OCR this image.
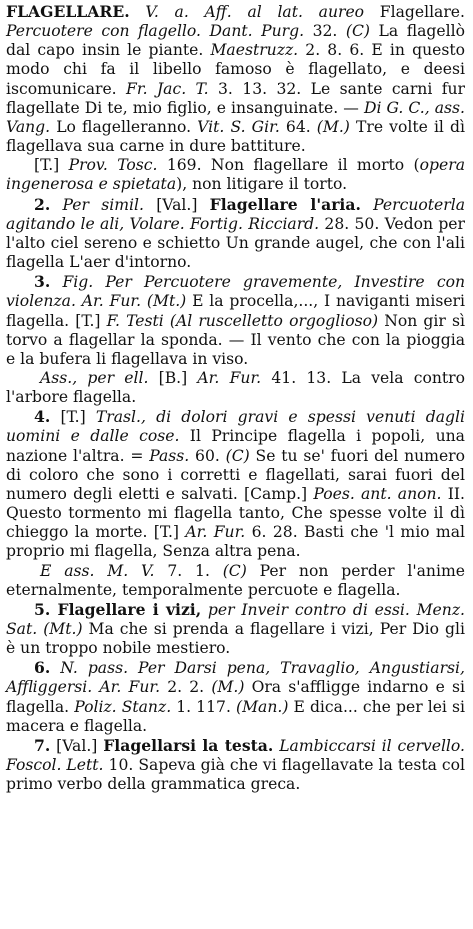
FLAGELLARE. V. a. Aff. al lat. aureo Flagellare. Percuotere con flagello. Dant. Purg. 32. (C) La flagellò dal capo insin le piante. Maestruzz. 2. 8. 6. E in questo modo chi fa il libello famoso è flagellato, e deesi iscomunicare. Fr. Jac. T. 3. 13. 32. Le sante carni fur flagellate Di te, mio figlio, e insanguinate. — Di G. C., ass. Vang. Lo flagelleranno. Vit. S. Gir. 64. (M.) Tre volte il dì flagellava sua carne in dure battiture.

[T.] Prov. Tosc. 169. Non flagellare il morto (opera ingenerosa e spietata), non litigare il torto.

2. Per simil. [Val.] Flagellare l'aria. Percuoterla agitando le ali, Volare. Fortig. Ricciard. 28. 50. Vedon per l'alto ciel sereno e schietto Un grande augel, che con l'ali flagella L'aer d'intorno.

3. Fig. Per Percuotere gravemente, Investire con violenza. Ar. Fur. (Mt.) E la procella,..., I naviganti miseri flagella. [T.] F. Testi (Al ruscelletto orgoglioso) Non gir sì torvo a flagellar la sponda. — Il vento che con la pioggia e la bufera li flagellava in viso.

Ass., per ell. [B.] Ar. Fur. 41. 13. La vela contro l'arbore flagella.

4. [T.] Trasl., di dolori gravi e spessi venuti dagli uomini e dalle cose. Il Principe flagella i popoli, una nazione l'altra. = Pass. 60. (C) Se tu se' fuori del numero di coloro che sono i corretti e flagellati, sarai fuori del numero degli eletti e salvati. [Camp.] Poes. ant. anon. II. Questo tormento mi flagella tanto, Che spesse volte il dì chieggo la morte. [T.] Ar. Fur. 6. 28. Basti che 'l mio mal proprio mi flagella, Senza altra pena.

E ass. M. V. 7. 1. (C) Per non perder l'anime eternalmente, temporalmente percuote e flagella.

5. Flagellare i vizi, per Inveir contro di essi. Menz. Sat. (Mt.) Ma che si prenda a flagellare i vizi, Per Dio gli è un troppo nobile mestiero.

6. N. pass. Per Darsi pena, Travaglio, Angustiarsi, Affliggersi. Ar. Fur. 2. 2. (M.) Ora s'affligge indarno e si flagella. Poliz. Stanz. 1. 117. (Man.) E dica... che per lei si macera e flagella.

7. [Val.] Flagellarsi la testa. Lambiccarsi il cervello. Foscol. Lett. 10. Sapeva già che vi flagellavate la testa col primo verbo della grammatica greca.
